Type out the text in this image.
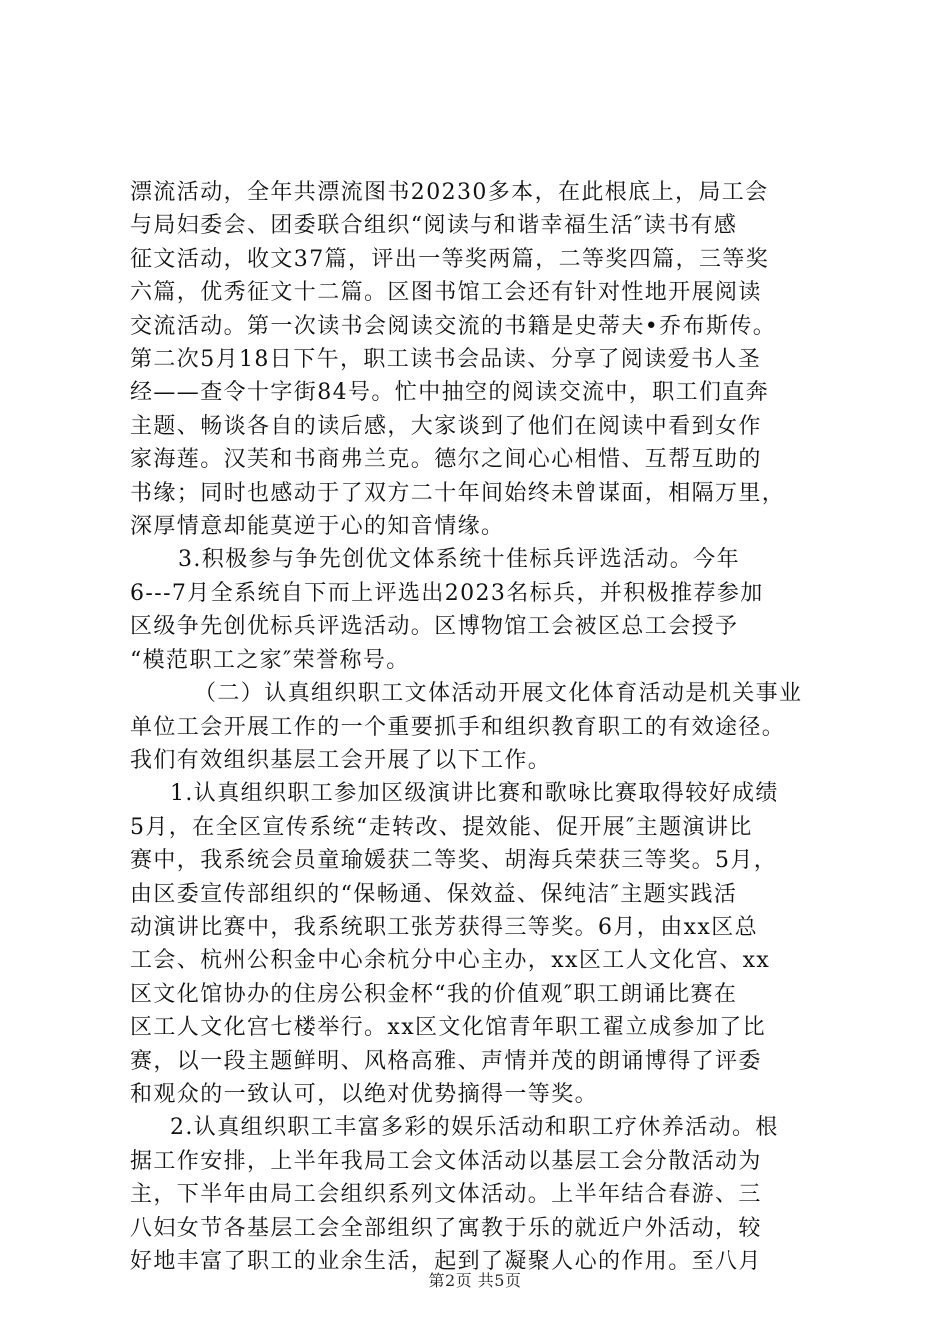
漂流活动，全年共漂流图书20230多本，在此根底上，局工会
与局妇委会、团委联合组织“阅读与和谐幸福生活″读书有感
征文活动，收文37篇，评出一等奖两篇，二等奖四篇，三等奖
六篇，优秀征文十二篇。区图书馆工会还有针对性地开展阅读
交流活动。第一次读书会阅读交流的书籍是史蒂夫•乔布斯传。
第二次5月18日下午，职工读书会品读、分享了阅读爱书人圣
经——查令十字街84号。忙中抽空的阅读交流中，职工们直奔
主题、畅谈各自的读后感，大家谈到了他们在阅读中看到女作
家海莲。汉芙和书商弗兰克。德尔之间心心相惜、互帮互助的
书缘；同时也感动于了双方二十年间始终未曾谋面，相隔万里，
深厚情意却能莫逆于心的知音情缘。
3.积极参与争先创优文体系统十佳标兵评选活动。今年
6---7月全系统自下而上评选出2023名标兵，并积极推荐参加
区级争先创优标兵评选活动。区博物馆工会被区总工会授予
“模范职工之家″荣誉称号。
（二）认真组织职工文体活动开展文化体育活动是机关事业
单位工会开展工作的一个重要抓手和组织教育职工的有效途径。
我们有效组织基层工会开展了以下工作。
1.认真组织职工参加区级演讲比赛和歌咏比赛取得较好成绩
5月，在全区宣传系统“走转改、提效能、促开展″主题演讲比
赛中，我系统会员童瑜媛获二等奖、胡海兵荣获三等奖。5月，
由区委宣传部组织的“保畅通、保效益、保纯洁″主题实践活
动演讲比赛中，我系统职工张芳获得三等奖。6月，由xx区总
工会、杭州公积金中心余杭分中心主办，xx区工人文化宫、xx
区文化馆协办的住房公积金杯“我的价值观″职工朗诵比赛在
区工人文化宫七楼举行。xx区文化馆青年职工翟立成参加了比
赛，以一段主题鲜明、风格高雅、声情并茂的朗诵博得了评委
和观众的一致认可，以绝对优势摘得一等奖。
2.认真组织职工丰富多彩的娱乐活动和职工疗休养活动。根
据工作安排，上半年我局工会文体活动以基层工会分散活动为
主，下半年由局工会组织系列文体活动。上半年结合春游、三
八妇女节各基层工会全部组织了寓教于乐的就近户外活动，较
好地丰富了职工的业余生活，起到了凝聚人心的作用。至八月
第2页 共5页
